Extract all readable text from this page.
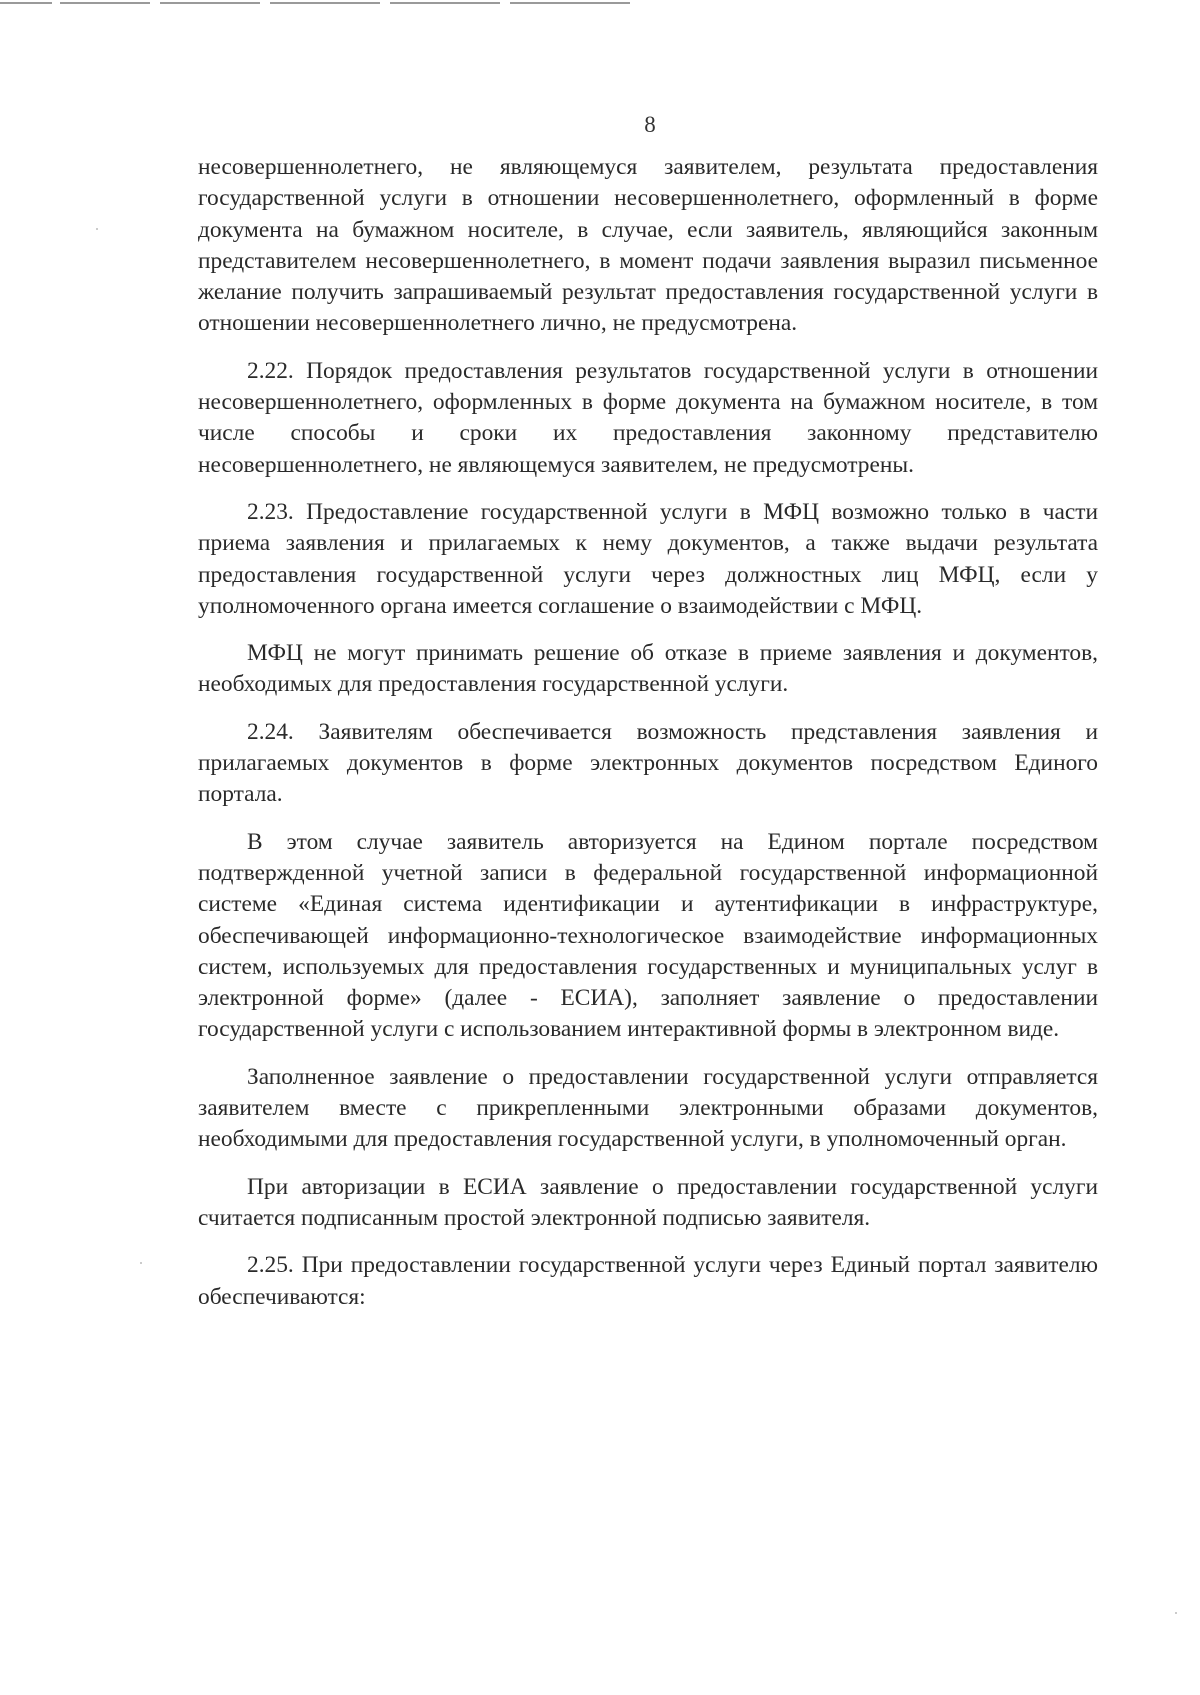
8

несовершеннолетнего, не являющемуся заявителем, результата предоставления государственной услуги в отношении несовершеннолетнего, оформленный в форме документа на бумажном носителе, в случае, если заявитель, являющийся законным представителем несовершеннолетнего, в момент подачи заявления выразил письменное желание получить запрашиваемый результат предоставления государственной услуги в отношении несовершеннолетнего лично, не предусмотрена.

2.22. Порядок предоставления результатов государственной услуги в отношении несовершеннолетнего, оформленных в форме документа на бумажном носителе, в том числе способы и сроки их предоставления законному представителю несовершеннолетнего, не являющемуся заявителем, не предусмотрены.

2.23. Предоставление государственной услуги в МФЦ возможно только в части приема заявления и прилагаемых к нему документов, а также выдачи результата предоставления государственной услуги через должностных лиц МФЦ, если у уполномоченного органа имеется соглашение о взаимодействии с МФЦ.

МФЦ не могут принимать решение об отказе в приеме заявления и документов, необходимых для предоставления государственной услуги.

2.24. Заявителям обеспечивается возможность представления заявления и прилагаемых документов в форме электронных документов посредством Единого портала.

В этом случае заявитель авторизуется на Едином портале посредством подтвержденной учетной записи в федеральной государственной информационной системе «Единая система идентификации и аутентификации в инфраструктуре, обеспечивающей информационно-технологическое взаимодействие информационных систем, используемых для предоставления государственных и муниципальных услуг в электронной форме» (далее - ЕСИА), заполняет заявление о предоставлении государственной услуги с использованием интерактивной формы в электронном виде.

Заполненное заявление о предоставлении государственной услуги отправляется заявителем вместе с прикрепленными электронными образами документов, необходимыми для предоставления государственной услуги, в уполномоченный орган.

При авторизации в ЕСИА заявление о предоставлении государственной услуги считается подписанным простой электронной подписью заявителя.

2.25. При предоставлении государственной услуги через Единый портал заявителю обеспечиваются:
